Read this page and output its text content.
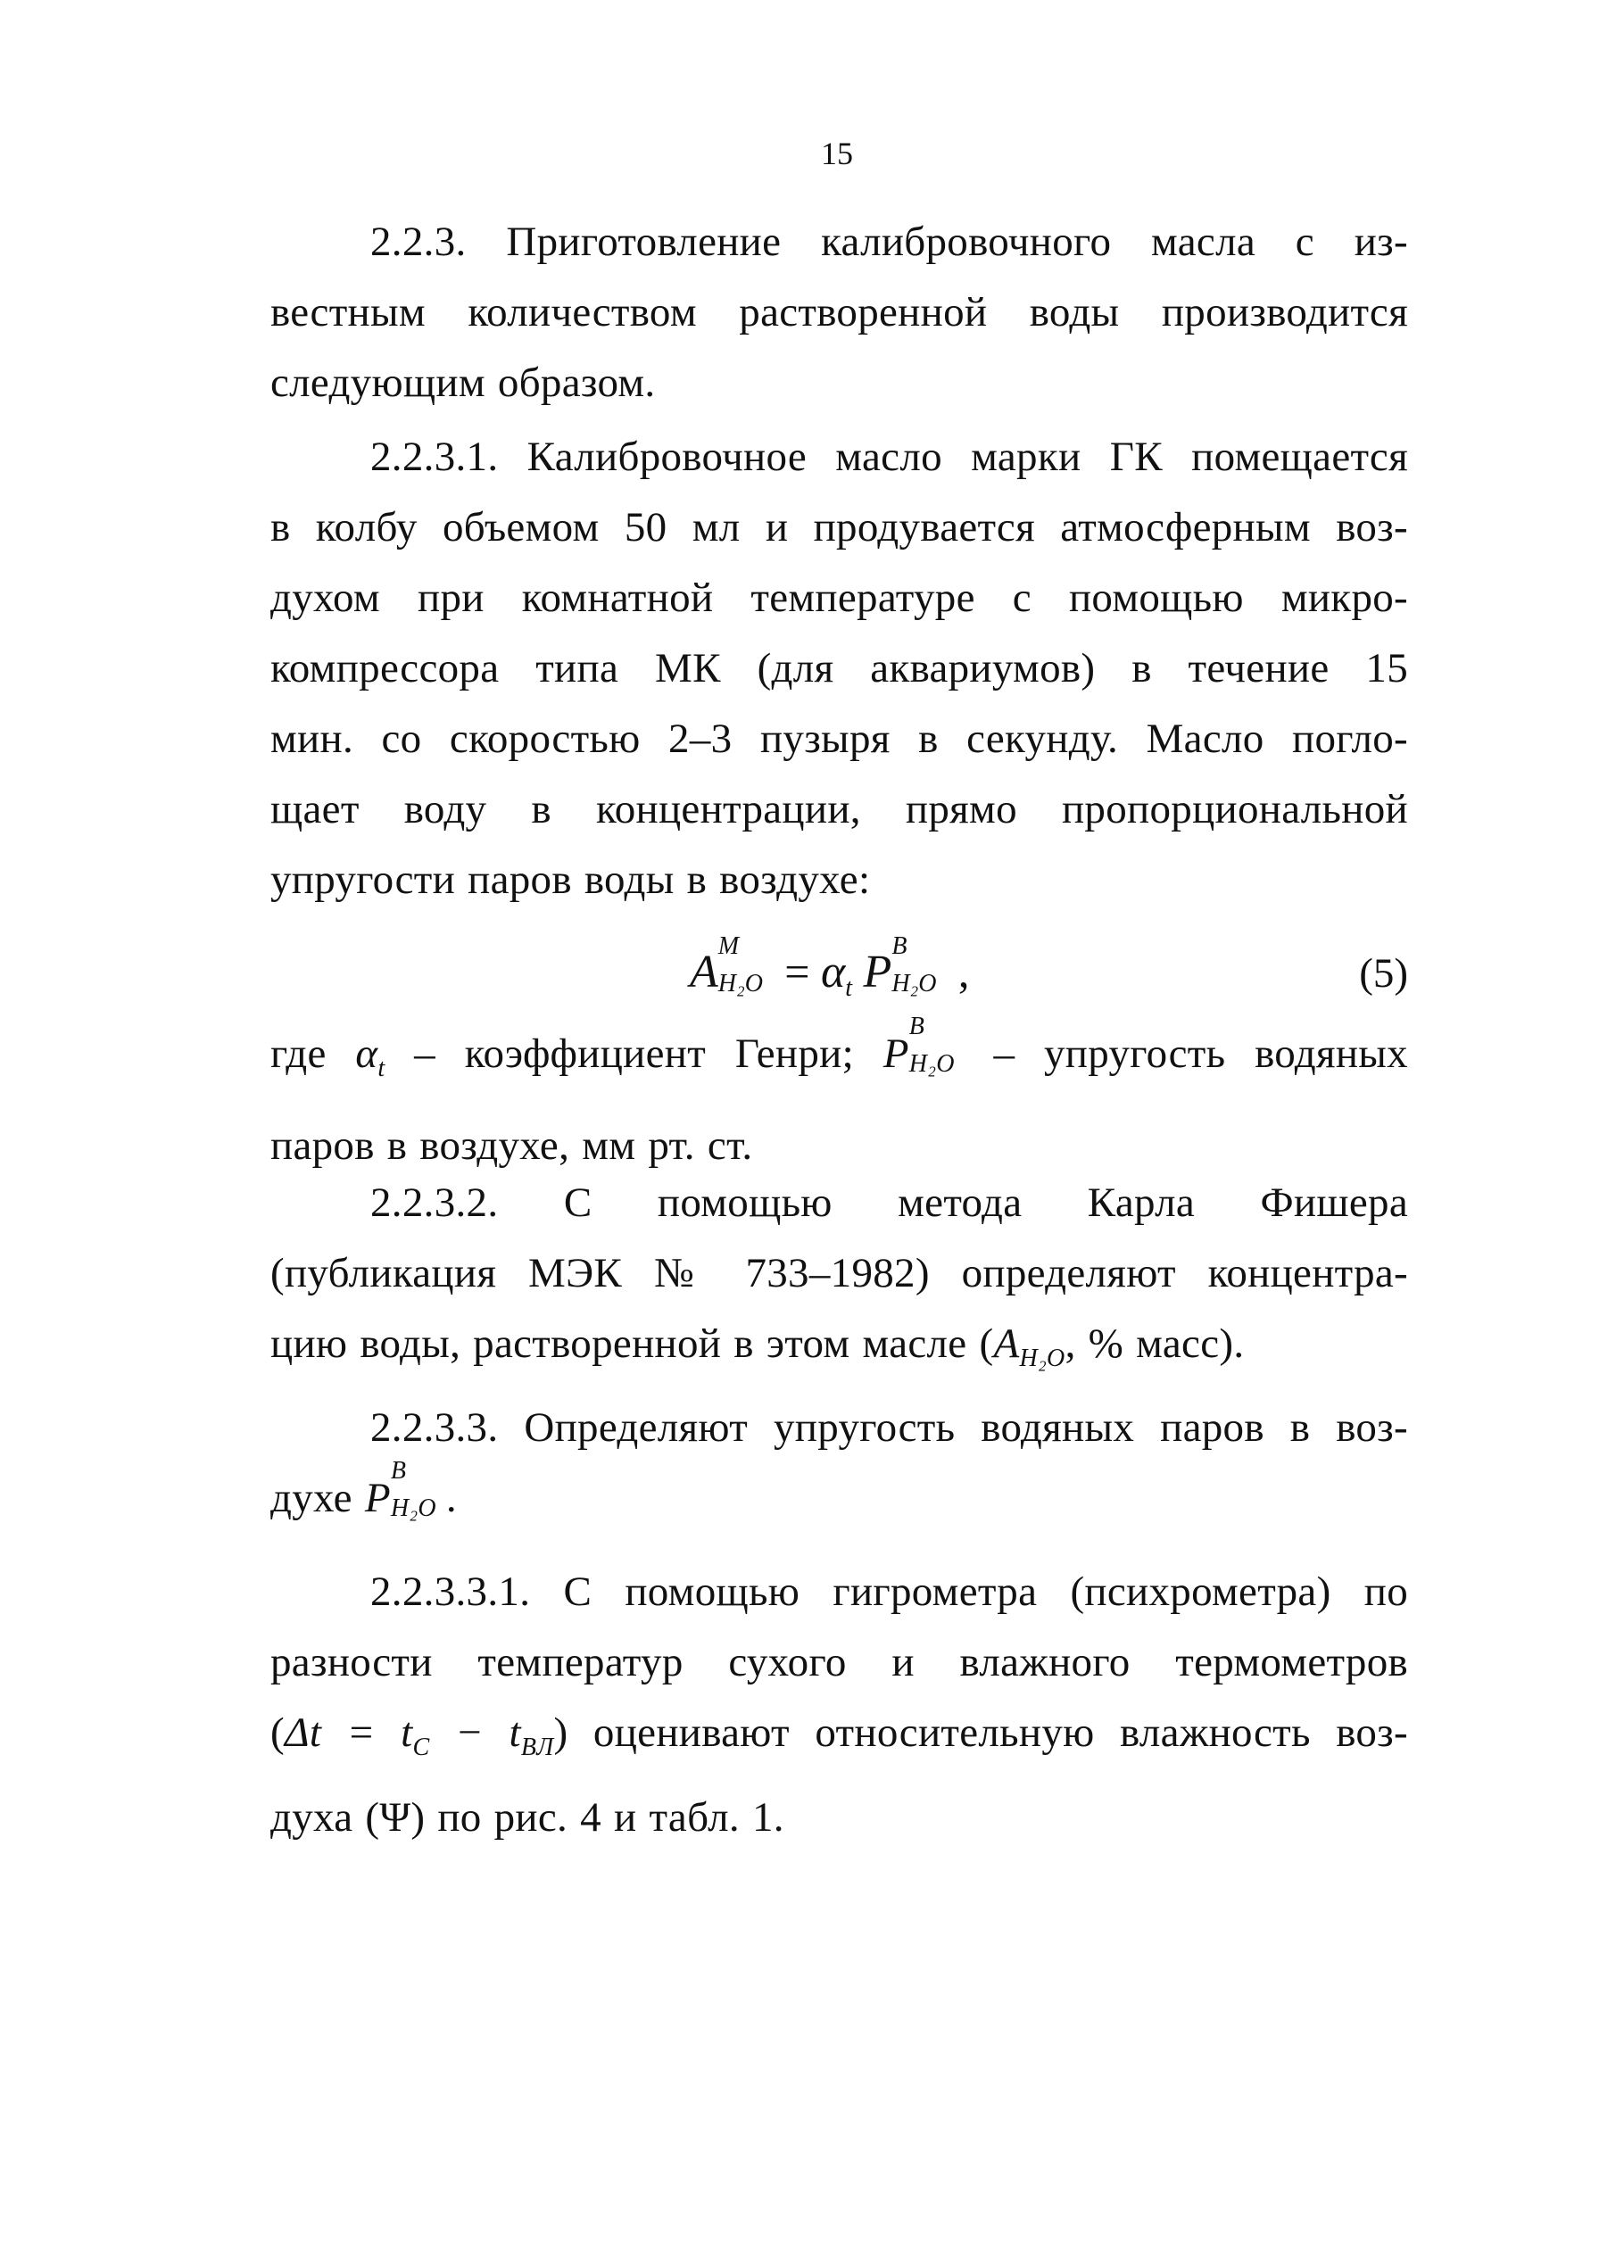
15
2.2.3. Приготовление калибровочного масла с из-
вестным количеством растворенной воды производится
следующим образом.
2.2.3.1. Калибровочное масло марки ГК помещается
в колбу объемом 50 мл и продувается атмосферным воз-
духом при комнатной температуре с помощью микро-
компрессора типа МК (для аквариумов) в течение 15
мин. со скоростью 2–3 пузыря в секунду. Масло погло-
щает воду в концентрации, прямо пропорциональной
упругости паров воды в воздухе:
A
M
$H_2O = \alpha_t$ P
B
H₂O ,	(5)
где $\alpha_t$ – коэффициент Генри; P
B
H₂O – упругость водяных
паров в воздухе, мм рт. ст.
2.2.3.2. С помощью метода Карла Фишера
(публикация МЭК № 733–1982) определяют концентра-
цию воды, растворенной в этом масле ($A_{H_2O}$, % масс).
2.2.3.3. Определяют упругость водяных паров в воз-
духе P
B
H₂O .
2.2.3.3.1. С помощью гигрометра (психрометра) по
разности температур сухого и влажного термометров
$(\Delta t = t_C - t_{ВЛ})$ оценивают относительную влажность воз-
духа (Ψ) по рис. 4 и табл. 1.
